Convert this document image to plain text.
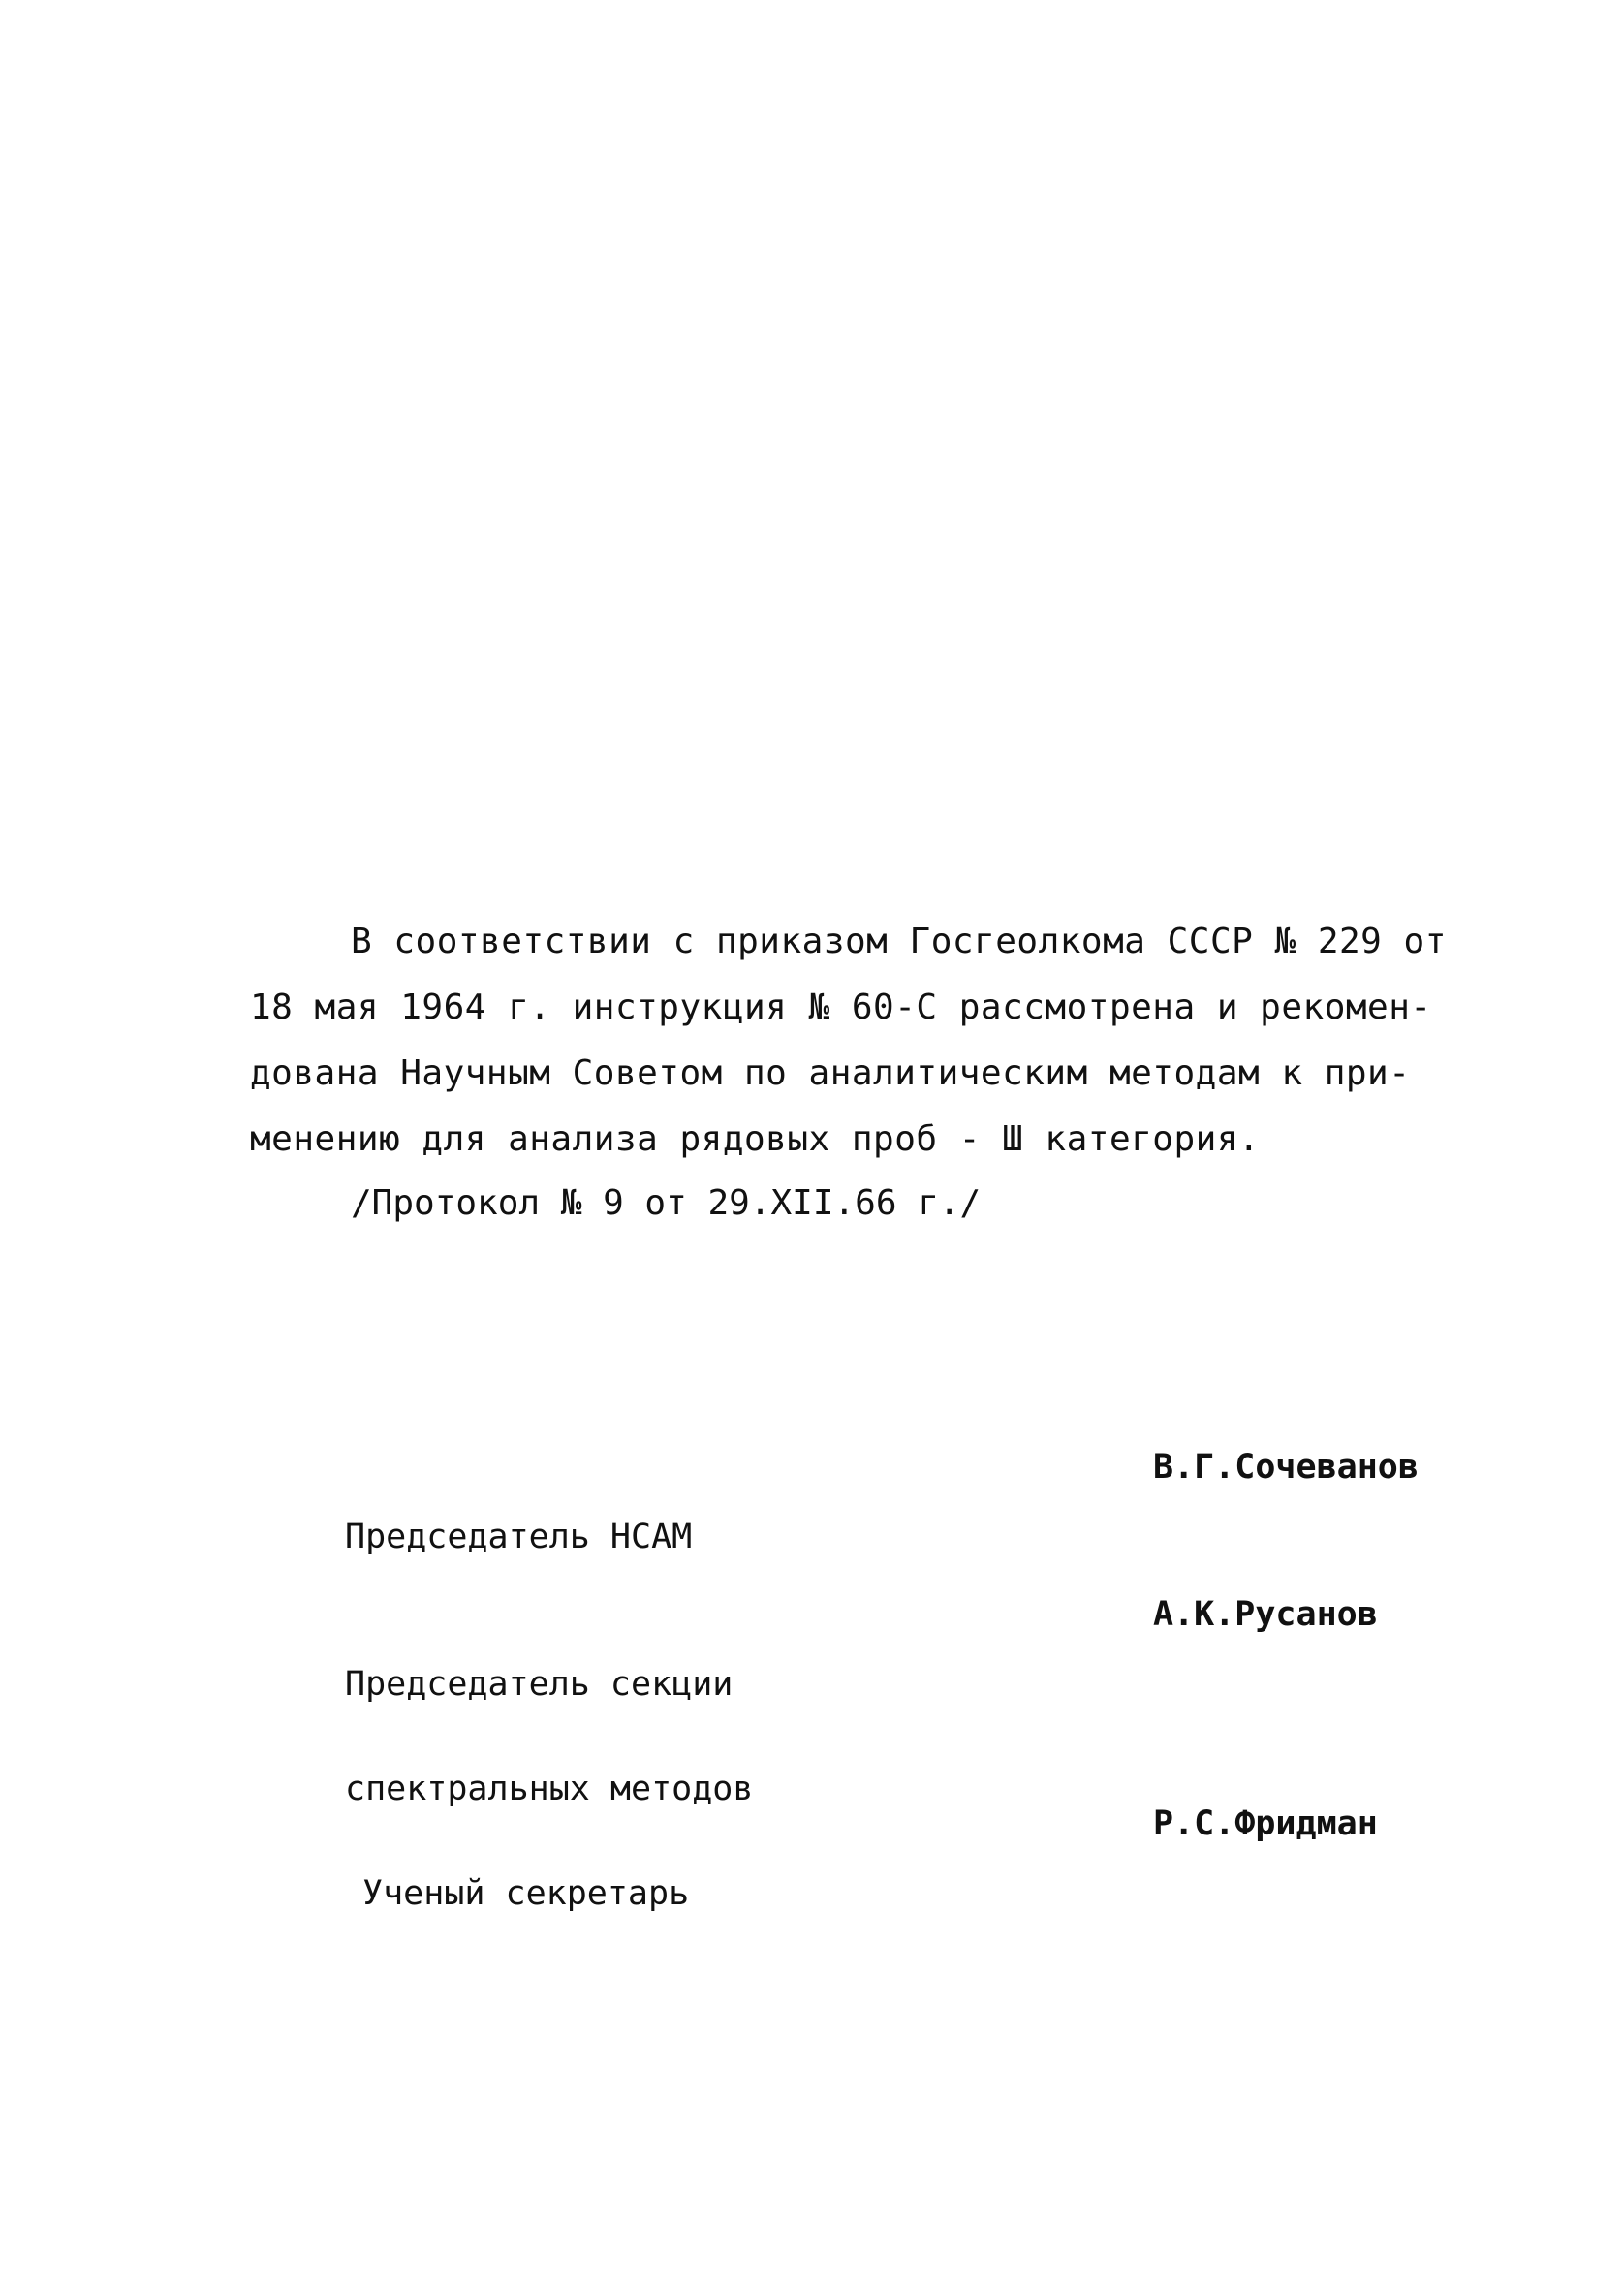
В соответствии с приказом Госгеолкома СССР № 229 от
18 мая 1964 г. инструкция № 60-С рассмотрена и рекомен-
дована Научным Советом по аналитическим методам к при-
менению для анализа рядовых проб - Ш категория.
/Протокол № 9 от 29.XII.66 г./

Председатель НСАМ

В.Г.Сочеванов

Председатель секции

спектральных методов

А.К.Русанов

Ученый секретарь

Р.С.Фридман
